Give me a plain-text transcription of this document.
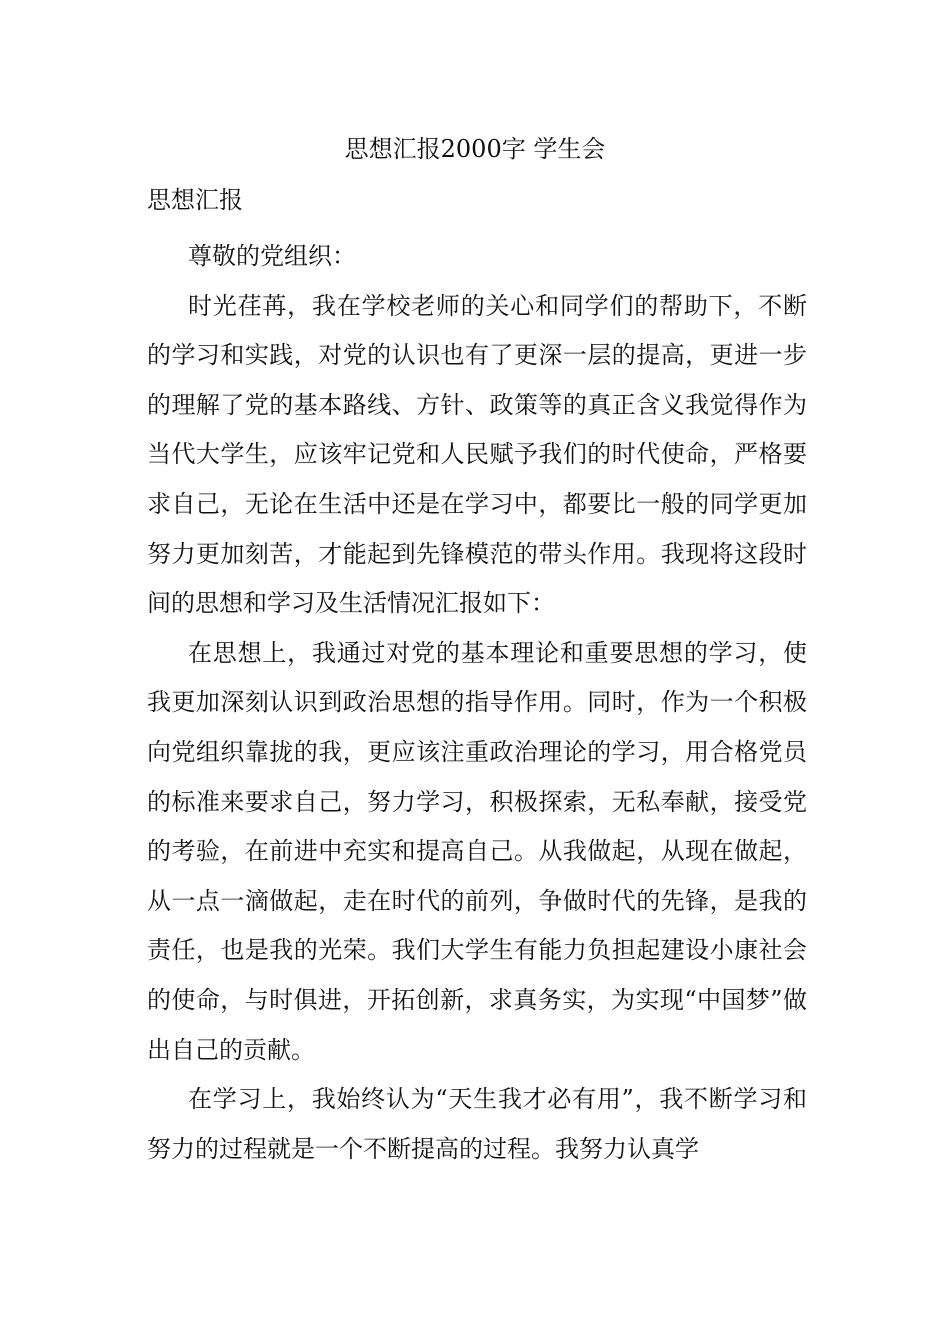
思想汇报2000字 学生会
思想汇报

尊敬的党组织：

时光荏苒，我在学校老师的关心和同学们的帮助下，不断的学习和实践，对党的认识也有了更深一层的提高，更进一步的理解了党的基本路线、方针、政策等的真正含义我觉得作为当代大学生，应该牢记党和人民赋予我们的时代使命，严格要求自己，无论在生活中还是在学习中，都要比一般的同学更加努力更加刻苦，才能起到先锋模范的带头作用。我现将这段时间的思想和学习及生活情况汇报如下：

在思想上，我通过对党的基本理论和重要思想的学习，使我更加深刻认识到政治思想的指导作用。同时，作为一个积极向党组织靠拢的我，更应该注重政治理论的学习，用合格党员的标准来要求自己，努力学习，积极探索，无私奉献，接受党的考验，在前进中充实和提高自己。从我做起，从现在做起，从一点一滴做起，走在时代的前列，争做时代的先锋，是我的责任，也是我的光荣。我们大学生有能力负担起建设小康社会的使命，与时俱进，开拓创新，求真务实，为实现“中国梦”做出自己的贡献。

在学习上，我始终认为“天生我才必有用”，我不断学习和努力的过程就是一个不断提高的过程。我努力认真学
